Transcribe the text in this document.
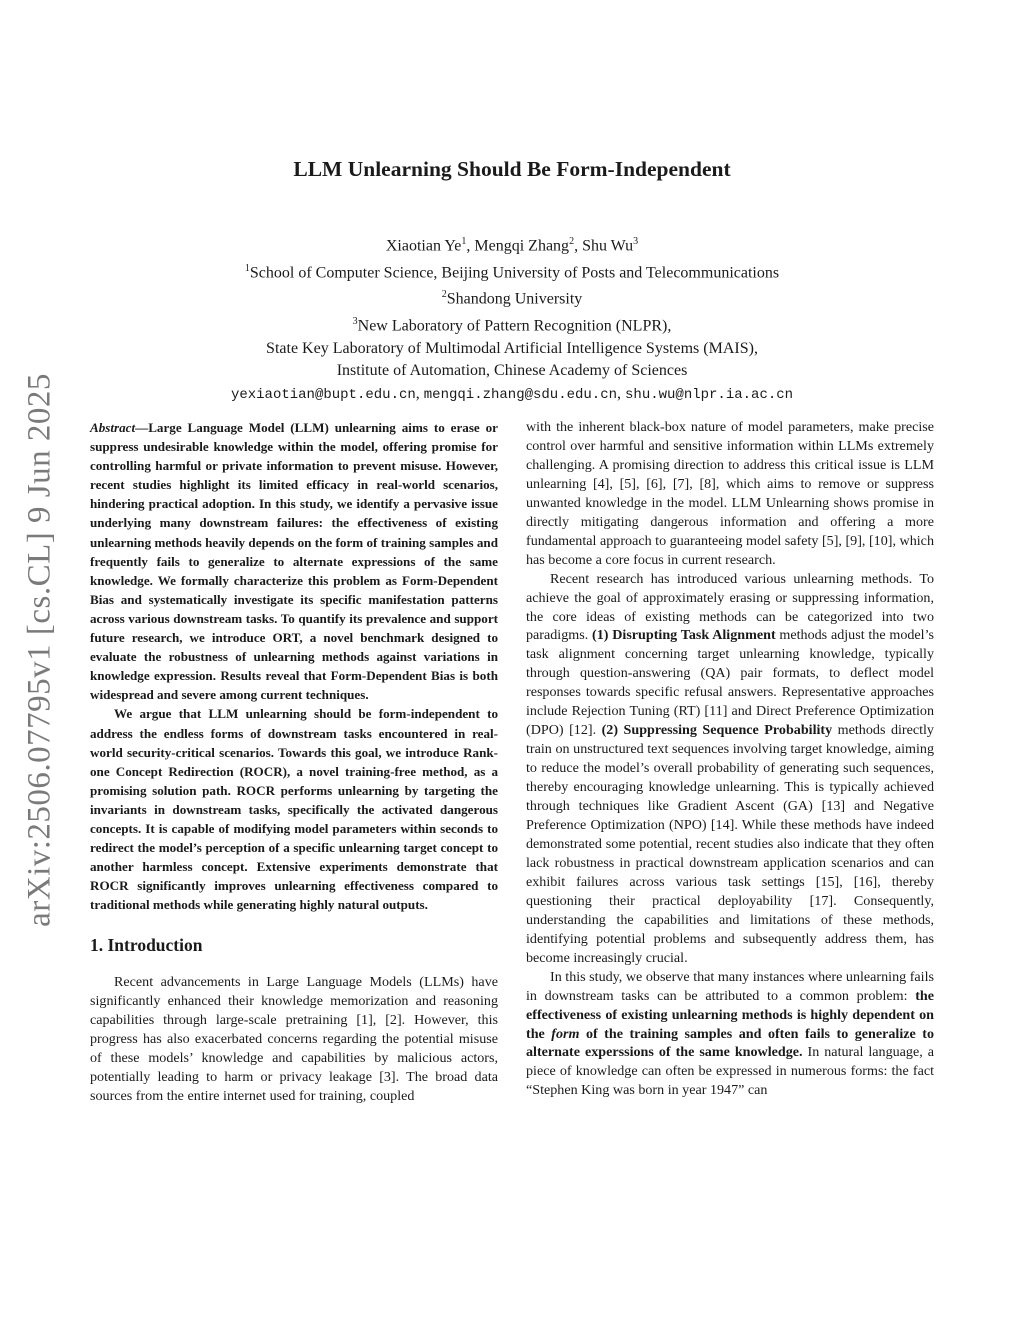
arXiv:2506.07795v1 [cs.CL] 9 Jun 2025
LLM Unlearning Should Be Form-Independent
Xiaotian Ye$^1$, Mengqi Zhang$^2$, Shu Wu$^3$
$^1$School of Computer Science, Beijing University of Posts and Telecommunications
$^2$Shandong University
$^3$New Laboratory of Pattern Recognition (NLPR),
State Key Laboratory of Multimodal Artificial Intelligence Systems (MAIS),
Institute of Automation, Chinese Academy of Sciences
yexiaotian@bupt.edu.cn, mengqi.zhang@sdu.edu.cn, shu.wu@nlpr.ia.ac.cn

Abstract—Large Language Model (LLM) unlearning aims to erase or suppress undesirable knowledge within the model, offering promise for controlling harmful or private information to prevent misuse. However, recent studies highlight its limited efficacy in real-world scenarios, hindering practical adoption. In this study, we identify a pervasive issue underlying many downstream failures: the effectiveness of existing unlearning methods heavily depends on the form of training samples and frequently fails to generalize to alternate expressions of the same knowledge. We formally characterize this problem as Form-Dependent Bias and systematically investigate its specific manifestation patterns across various downstream tasks. To quantify its prevalence and support future research, we introduce ORT, a novel benchmark designed to evaluate the robustness of unlearning methods against variations in knowledge expression. Results reveal that Form-Dependent Bias is both widespread and severe among current techniques.

We argue that LLM unlearning should be form-independent to address the endless forms of downstream tasks encountered in real-world security-critical scenarios. Towards this goal, we introduce Rank-one Concept Redirection (ROCR), a novel training-free method, as a promising solution path. ROCR performs unlearning by targeting the invariants in downstream tasks, specifically the activated dangerous concepts. It is capable of modifying model parameters within seconds to redirect the model’s perception of a specific unlearning target concept to another harmless concept. Extensive experiments demonstrate that ROCR significantly improves unlearning effectiveness compared to traditional methods while generating highly natural outputs.

1. Introduction

Recent advancements in Large Language Models (LLMs) have significantly enhanced their knowledge memorization and reasoning capabilities through large-scale pretraining [1], [2]. However, this progress has also exacerbated concerns regarding the potential misuse of these models’ knowledge and capabilities by malicious actors, potentially leading to harm or privacy leakage [3]. The broad data sources from the entire internet used for training, coupled

with the inherent black-box nature of model parameters, make precise control over harmful and sensitive information within LLMs extremely challenging. A promising direction to address this critical issue is LLM unlearning [4], [5], [6], [7], [8], which aims to remove or suppress unwanted knowledge in the model. LLM Unlearning shows promise in directly mitigating dangerous information and offering a more fundamental approach to guaranteeing model safety [5], [9], [10], which has become a core focus in current research.

Recent research has introduced various unlearning methods. To achieve the goal of approximately erasing or suppressing information, the core ideas of existing methods can be categorized into two paradigms. (1) Disrupting Task Alignment methods adjust the model’s task alignment concerning target unlearning knowledge, typically through question-answering (QA) pair formats, to deflect model responses towards specific refusal answers. Representative approaches include Rejection Tuning (RT) [11] and Direct Preference Optimization (DPO) [12]. (2) Suppressing Sequence Probability methods directly train on unstructured text sequences involving target knowledge, aiming to reduce the model’s overall probability of generating such sequences, thereby encouraging knowledge unlearning. This is typically achieved through techniques like Gradient Ascent (GA) [13] and Negative Preference Optimization (NPO) [14]. While these methods have indeed demonstrated some potential, recent studies also indicate that they often lack robustness in practical downstream application scenarios and can exhibit failures across various task settings [15], [16], thereby questioning their practical deployability [17]. Consequently, understanding the capabilities and limitations of these methods, identifying potential problems and subsequently address them, has become increasingly crucial.

In this study, we observe that many instances where unlearning fails in downstream tasks can be attributed to a common problem: the effectiveness of existing unlearning methods is highly dependent on the form of the training samples and often fails to generalize to alternate experssions of the same knowledge. In natural language, a piece of knowledge can often be expressed in numerous forms: the fact “Stephen King was born in year 1947” can
